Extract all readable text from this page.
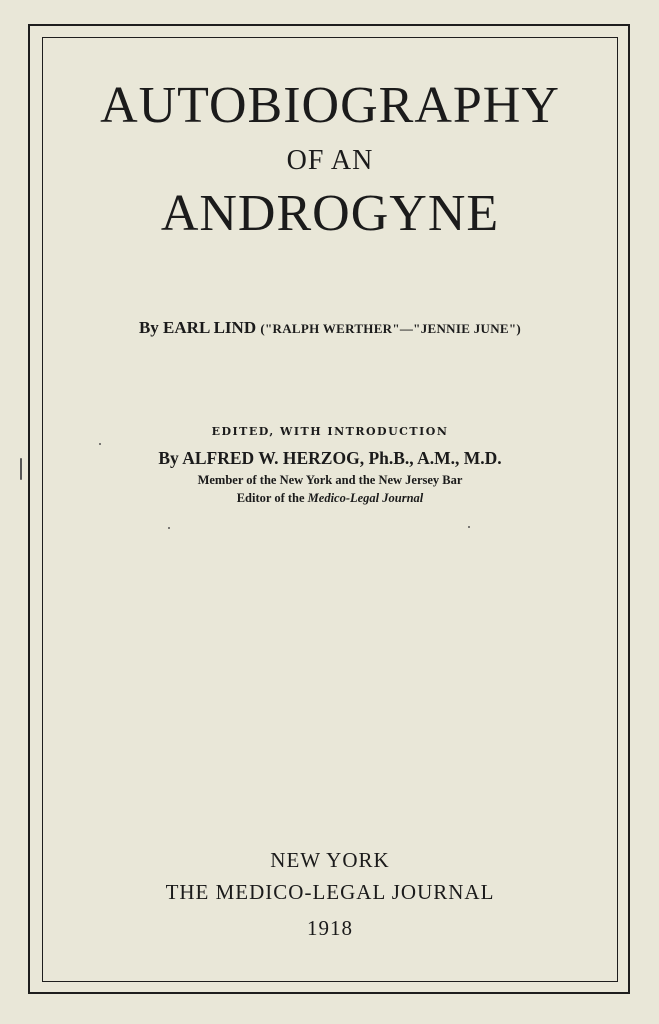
AUTOBIOGRAPHY
OF AN
ANDROGYNE
By EARL LIND ("RALPH WERTHER"—"JENNIE JUNE")
EDITED, WITH INTRODUCTION
By ALFRED W. HERZOG, Ph.B., A.M., M.D.
Member of the New York and the New Jersey Bar
Editor of the Medico-Legal Journal
NEW YORK
THE MEDICO-LEGAL JOURNAL
1918
